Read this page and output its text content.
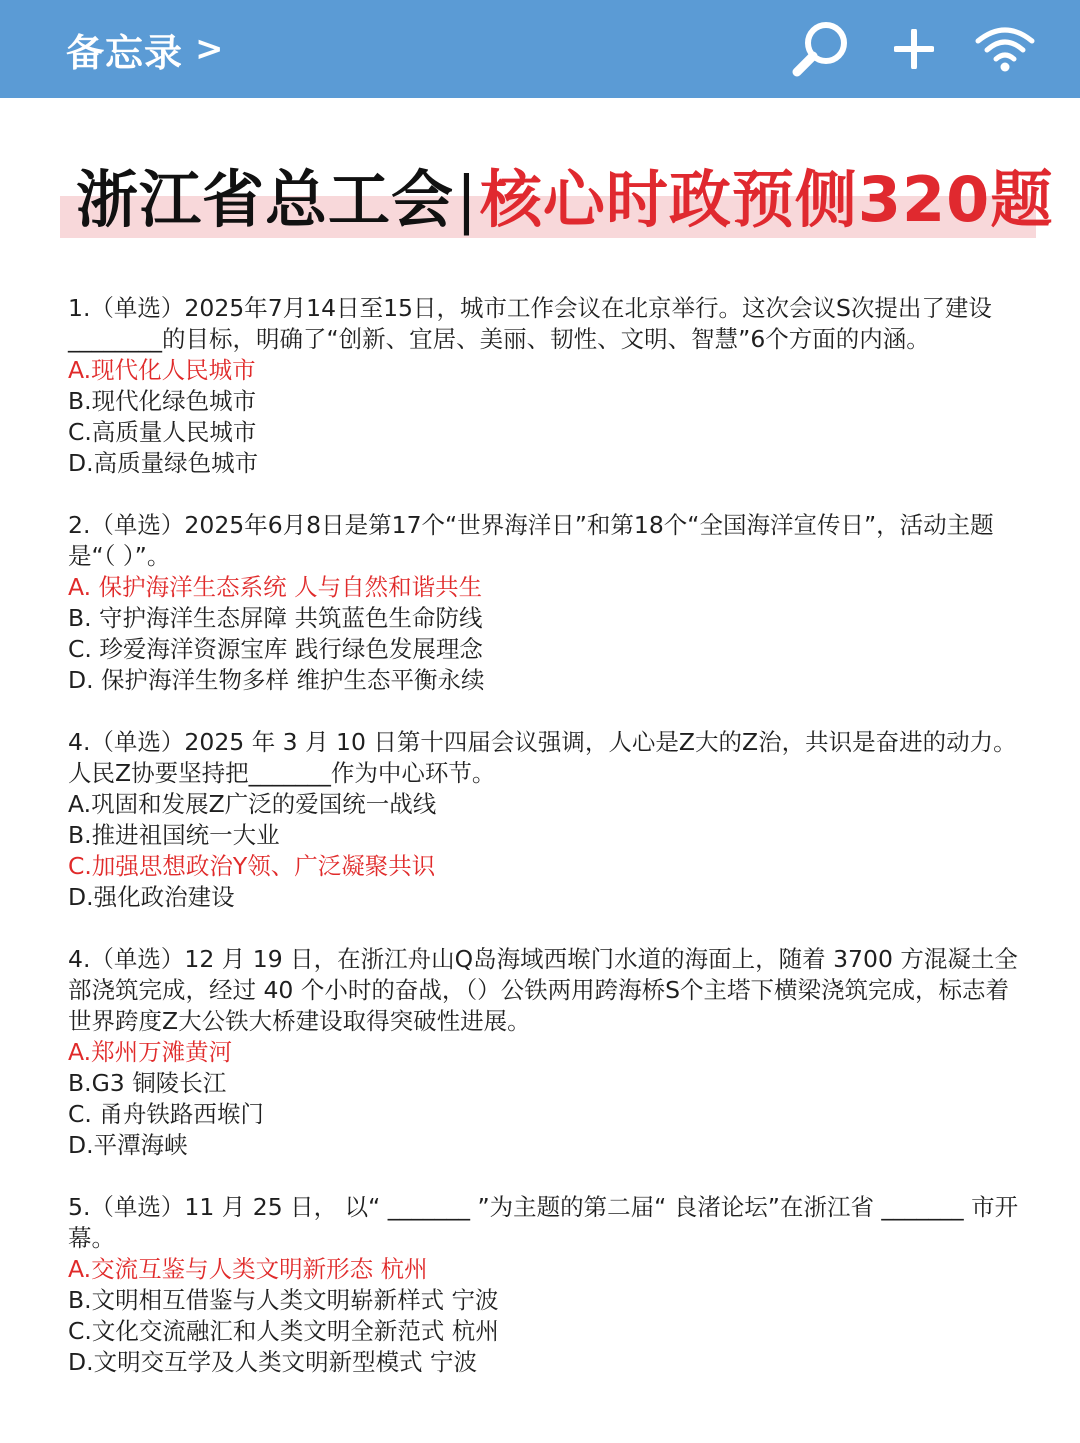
备忘录 >
浙江省总工会|核心时政预侧320题
1.（单选）2025年7月14日至15日，城市工作会议在北京举行。这次会议S次提出了建设________的目标，明确了“创新、宜居、美丽、韧性、文明、智慧”6个方面的内涵。
A.现代化人民城市
B.现代化绿色城市
C.高质量人民城市
D.高质量绿色城市
2.（单选）2025年6月8日是第17个“世界海洋日”和第18个“全国海洋宣传日”，活动主题是“（ ）”。
A. 保护海洋生态系统 人与自然和谐共生
B. 守护海洋生态屏障 共筑蓝色生命防线
C. 珍爱海洋资源宝库 践行绿色发展理念
D. 保护海洋生物多样 维护生态平衡永续
4.（单选）2025 年 3 月 10 日第十四届会议强调，人心是Z大的Z治，共识是奋进的动力。人民Z协要坚持把_______作为中心环节。
A.巩固和发展Z广泛的爱国统一战线
B.推进祖国统一大业
C.加强思想政治Y领、广泛凝聚共识
D.强化政治建设
4.（单选）12 月 19 日，在浙江舟山Q岛海域西堠门水道的海面上，随着 3700 方混凝土全部浇筑完成，经过 40 个小时的奋战，（）公铁两用跨海桥S个主塔下横梁浇筑完成，标志着世界跨度Z大公铁大桥建设取得突破性进展。
A.郑州万滩黄河
B.G3 铜陵长江
C. 甬舟铁路西堠门
D.平潭海峡
5.（单选）11 月 25 日， 以“ _______ ”为主题的第二届“ 良渚论坛”在浙江省 _______ 市开幕。
A.交流互鉴与人类文明新形态 杭州
B.文明相互借鉴与人类文明崭新样式 宁波
C.文化交流融汇和人类文明全新范式 杭州
D.文明交互学及人类文明新型模式 宁波
